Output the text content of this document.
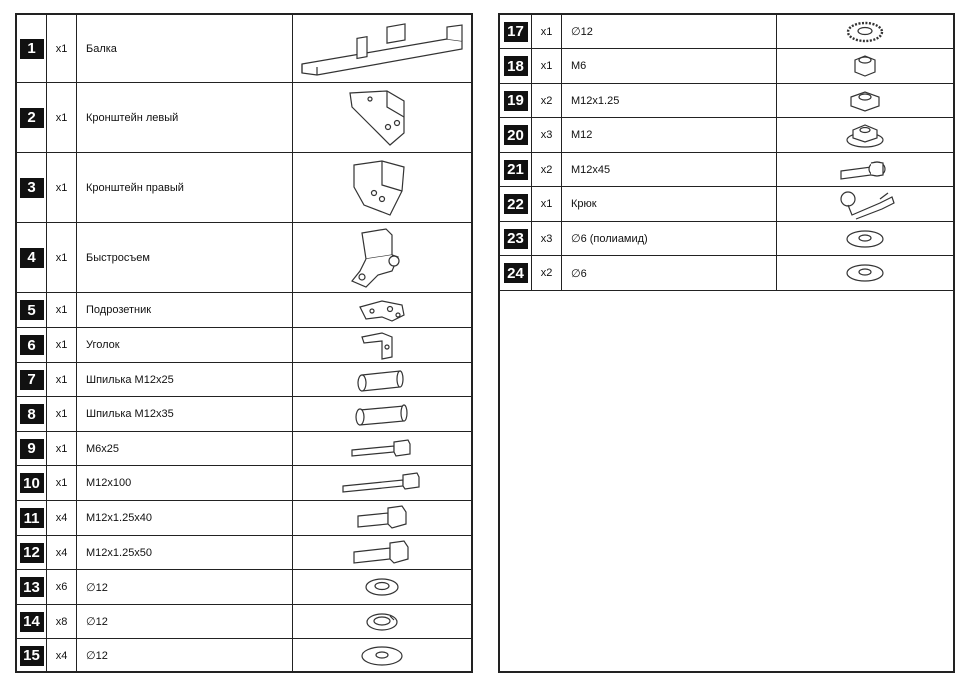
1	x1	Балка
2	x1	Кронштейн левый
3	x1	Кронштейн правый
4	x1	Быстросъем
5	x1	Подрозетник
6	x1	Уголок
7	x1	Шпилька М12х25
8	x1	Шпилька М12х35
9	x1	М6х25
10	x1	М12х100
11	x4	М12х1.25х40
12	x4	М12х1.25х50
13	x6	∅12
14	x8	∅12
15	x4	∅12
17	x1	∅12
18	x1	М6
19	x2	М12х1.25
20	x3	М12
21	x2	М12х45
22	x1	Крюк
23	x3	∅6 (полиамид)
24	x2	∅6
